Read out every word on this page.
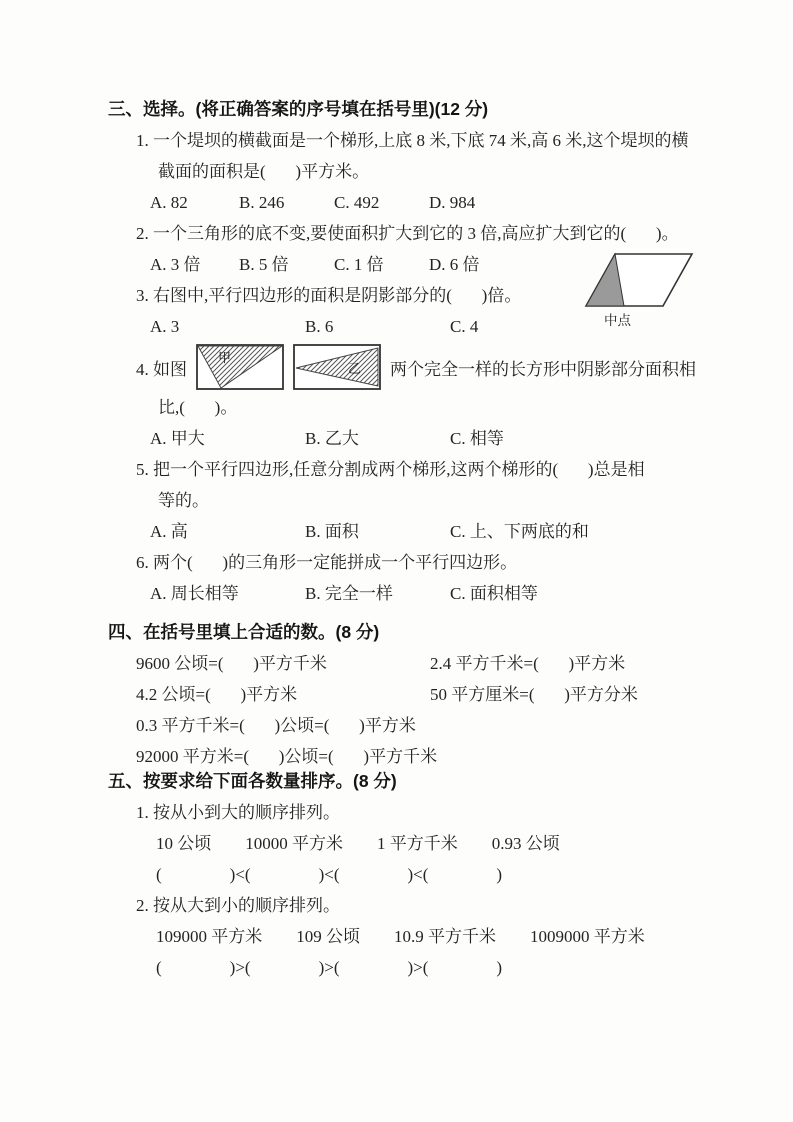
三、选择。(将正确答案的序号填在括号里)(12 分)
1. 一个堤坝的横截面是一个梯形,上底 8 米,下底 74 米,高 6 米,这个堤坝的横
截面的面积是(       )平方米。
A. 82	B. 246	C. 492	D. 984
2. 一个三角形的底不变,要使面积扩大到它的 3 倍,高应扩大到它的(       )。
A. 3 倍	B. 5 倍	C. 1 倍	D. 6 倍
3. 右图中,平行四边形的面积是阴影部分的(       )倍。
A. 3	B. 6	C. 4
4. 如图
甲
乙 两个完全一样的长方形中阴影部分面积相
比,(       )。
A. 甲大	B. 乙大	C. 相等
5. 把一个平行四边形,任意分割成两个梯形,这两个梯形的(       )总是相
等的。
A. 高	B. 面积	C. 上、下两底的和
6. 两个(       )的三角形一定能拼成一个平行四边形。
A. 周长相等	B. 完全一样	C. 面积相等
四、在括号里填上合适的数。(8 分)
9600 公顷=(       )平方千米	2.4 平方千米=(       )平方米
4.2 公顷=(       )平方米	50 平方厘米=(       )平方分米
0.3 平方千米=(       )公顷=(       )平方米
92000 平方米=(       )公顷=(       )平方千米
五、按要求给下面各数量排序。(8 分)
1. 按从小到大的顺序排列。
10 公顷        10000 平方米        1 平方千米        0.93 公顷
(                )<(                )<(                )<(                )
2. 按从大到小的顺序排列。
109000 平方米        109 公顷        10.9 平方千米        1009000 平方米
(                )>(                )>(                )>(                )
中点
